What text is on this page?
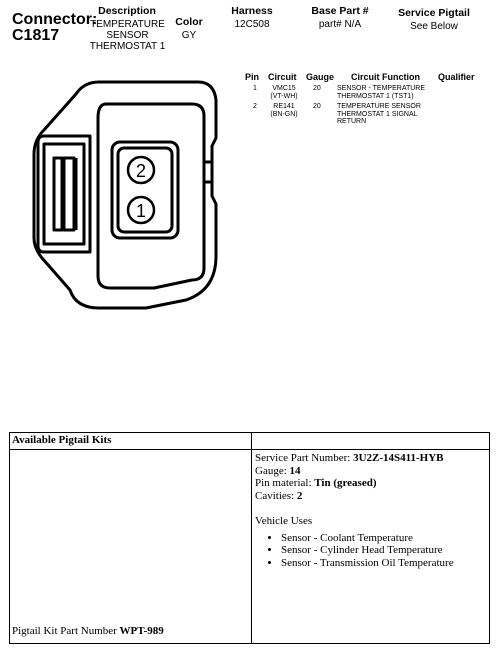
Connector:
C1817
Description
TEMPERATURE
SENSOR
THERMOSTAT 1
Color
GY
Harness
12C508
Base Part #
part# N/A
Service Pigtail
See Below
Pin Circuit Gauge Circuit Function Qualifier
1	VMC15
(VT-WH)
20 SENSOR - TEMPERATURE
THERMOSTAT 1 (TST1)
2	RE141
(BN-GN)
20 TEMPERATURE SENSOR
THERMOSTAT 1 SIGNAL
RETURN
2
1
Available Pigtail Kits
Service Part Number: 3U2Z-14S411-HYB
Gauge: 14
Pin material: Tin (greased)
Cavities: 2
Vehicle Uses
• Sensor - Coolant Temperature
• Sensor - Cylinder Head Temperature
• Sensor - Transmission Oil Temperature
Pigtail Kit Part Number WPT-989
